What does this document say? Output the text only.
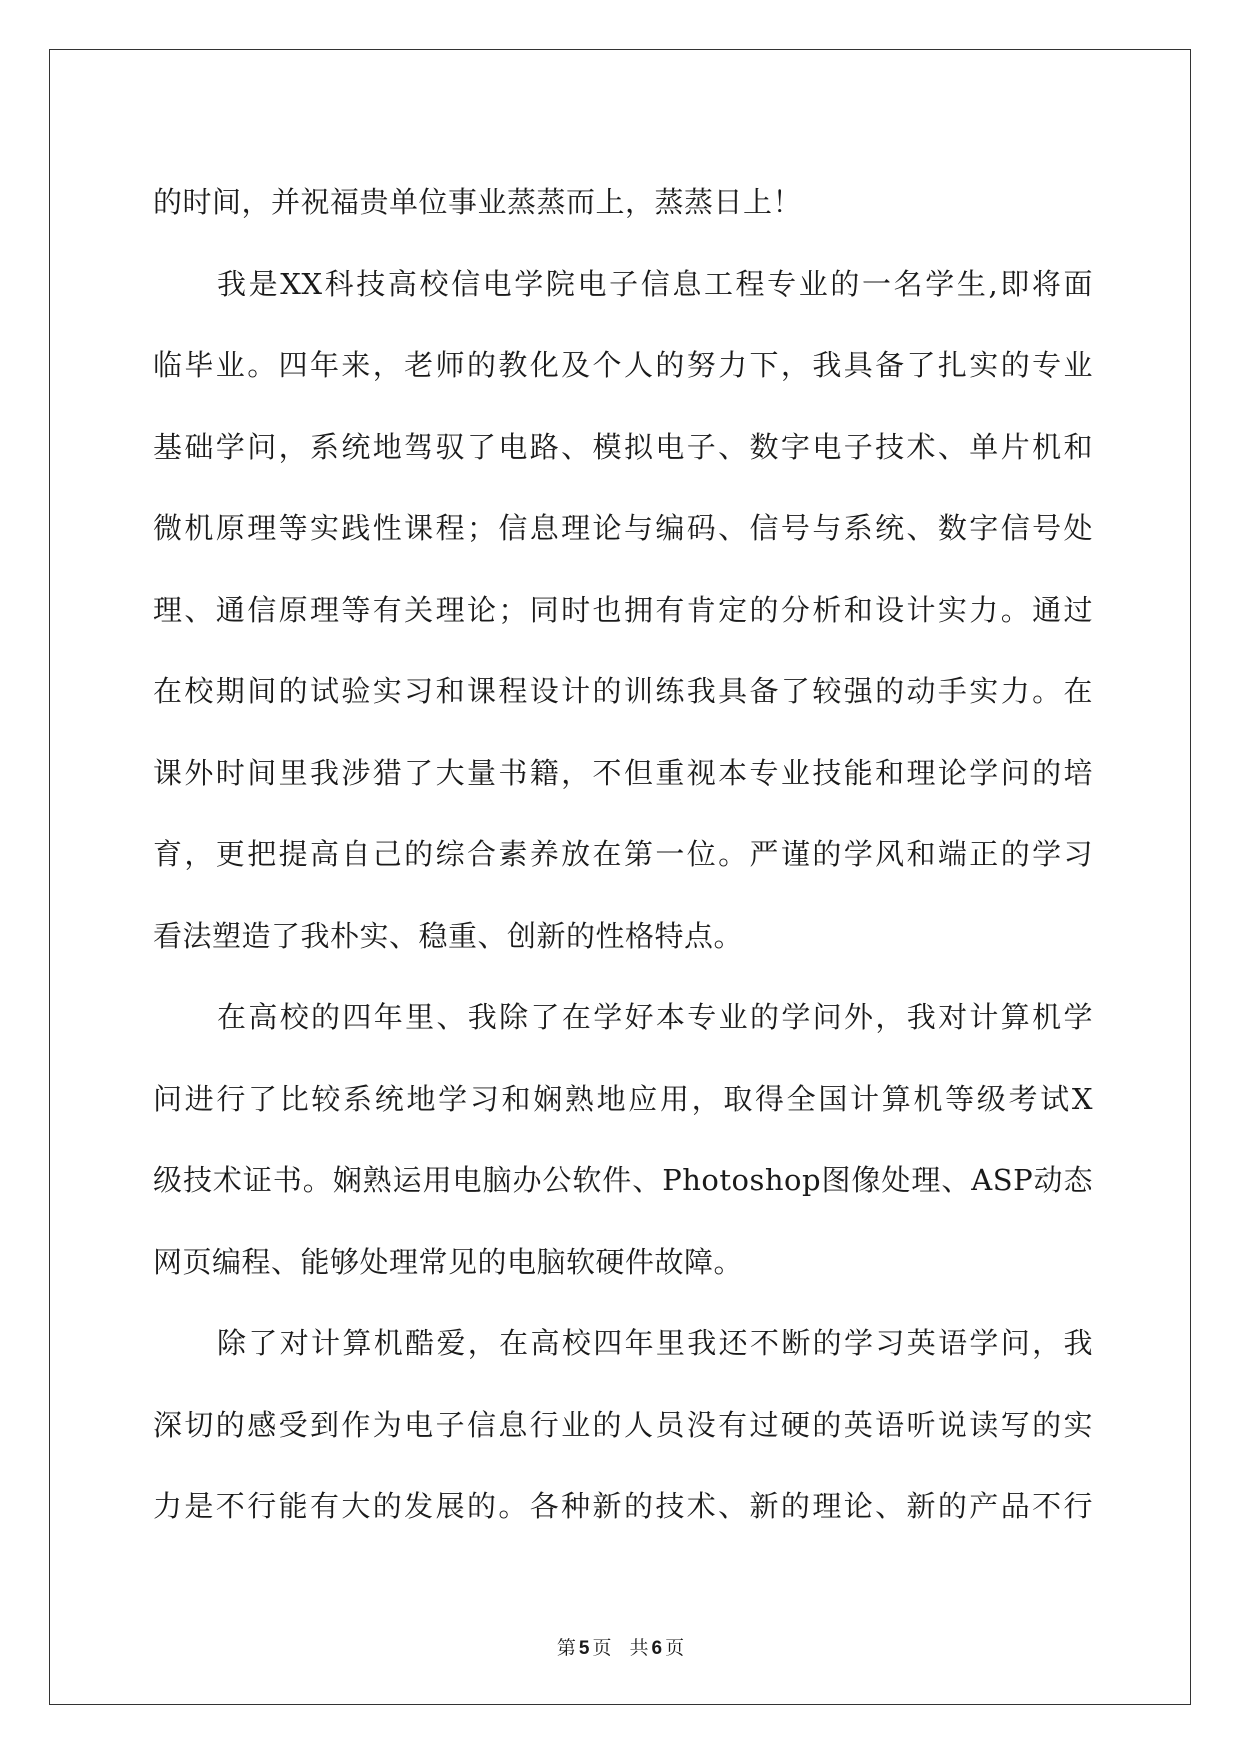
的时间，并祝福贵单位事业蒸蒸而上，蒸蒸日上！
我是XX科技高校信电学院电子信息工程专业的一名学生,即将面
临毕业。四年来，老师的教化及个人的努力下，我具备了扎实的专业
基础学问，系统地驾驭了电路、模拟电子、数字电子技术、单片机和
微机原理等实践性课程；信息理论与编码、信号与系统、数字信号处
理、通信原理等有关理论；同时也拥有肯定的分析和设计实力。通过
在校期间的试验实习和课程设计的训练我具备了较强的动手实力。在
课外时间里我涉猎了大量书籍，不但重视本专业技能和理论学问的培
育，更把提高自己的综合素养放在第一位。严谨的学风和端正的学习
看法塑造了我朴实、稳重、创新的性格特点。
在高校的四年里、我除了在学好本专业的学问外，我对计算机学
问进行了比较系统地学习和娴熟地应用，取得全国计算机等级考试X
级技术证书。娴熟运用电脑办公软件、Photoshop图像处理、ASP动态
网页编程、能够处理常见的电脑软硬件故障。
除了对计算机酷爱，在高校四年里我还不断的学习英语学问，我
深切的感受到作为电子信息行业的人员没有过硬的英语听说读写的实
力是不行能有大的发展的。各种新的技术、新的理论、新的产品不行
第 5 页 共 6 页
